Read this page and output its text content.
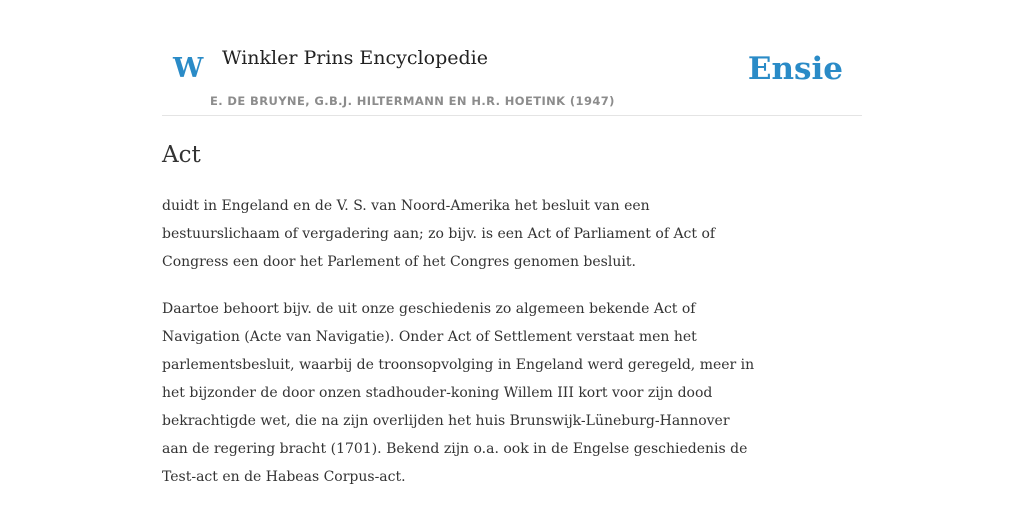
W Winkler Prins Encyclopedie
E. DE BRUYNE, G.B.J. HILTERMANN EN H.R. HOETINK (1947)
Ensie
Act

duidt in Engeland en de V. S. van Noord-Amerika het besluit van een
bestuurslichaam of vergadering aan; zo bijv. is een Act of Parliament of Act of
Congress een door het Parlement of het Congres genomen besluit.

Daartoe behoort bijv. de uit onze geschiedenis zo algemeen bekende Act of
Navigation (Acte van Navigatie). Onder Act of Settlement verstaat men het
parlementsbesluit, waarbij de troonsopvolging in Engeland werd geregeld, meer in
het bijzonder de door onzen stadhouder-koning Willem III kort voor zijn dood
bekrachtigde wet, die na zijn overlijden het huis Brunswijk-Lüneburg-Hannover
aan de regering bracht (1701). Bekend zijn o.a. ook in de Engelse geschiedenis de
Test-act en de Habeas Corpus-act.
